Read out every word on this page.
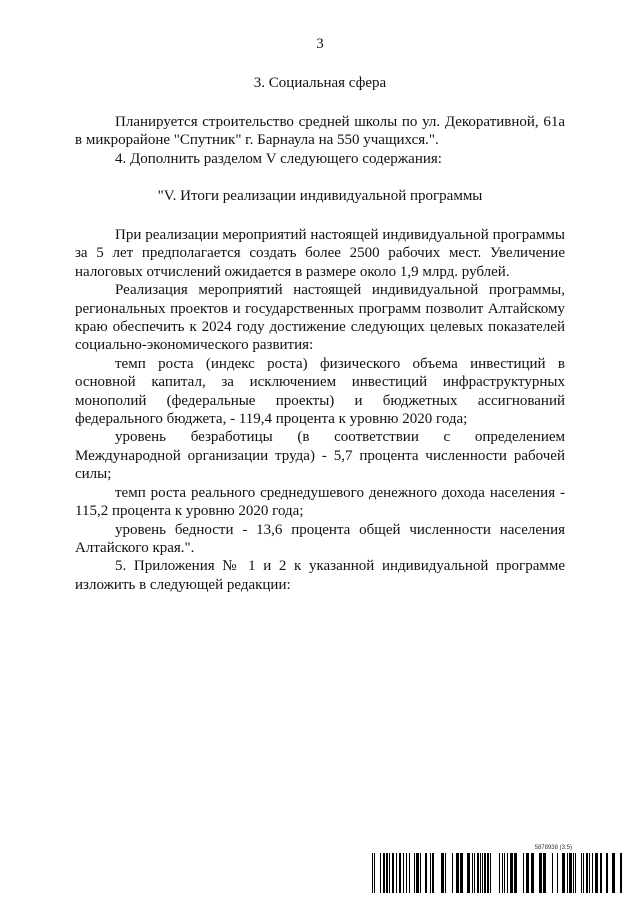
3
3. Социальная сфера

Планируется строительство средней школы по ул. Декоративной, 61а в микрорайоне "Спутник" г. Барнаула на 550 учащихся.".

4. Дополнить разделом V следующего содержания:

"V. Итоги реализации индивидуальной программы

При реализации мероприятий настоящей индивидуальной программы за 5 лет предполагается создать более 2500 рабочих мест. Увеличение налоговых отчислений ожидается в размере около 1,9 млрд. рублей.

Реализация мероприятий настоящей индивидуальной программы, региональных проектов и государственных программ позволит Алтайскому краю обеспечить к 2024 году достижение следующих целевых показателей социально-экономического развития:

темп роста (индекс роста) физического объема инвестиций в основной капитал, за исключением инвестиций инфраструктурных монополий (федеральные проекты) и бюджетных ассигнований федерального бюджета, - 119,4 процента к уровню 2020 года;

уровень безработицы (в соответствии с определением Международной организации труда) - 5,7 процента численности рабочей силы;

темп роста реального среднедушевого денежного дохода населения - 115,2 процента к уровню 2020 года;

уровень бедности - 13,6 процента общей численности населения Алтайского края.".

5. Приложения № 1 и 2 к указанной индивидуальной программе изложить в следующей редакции:

5878938 (3.5)
